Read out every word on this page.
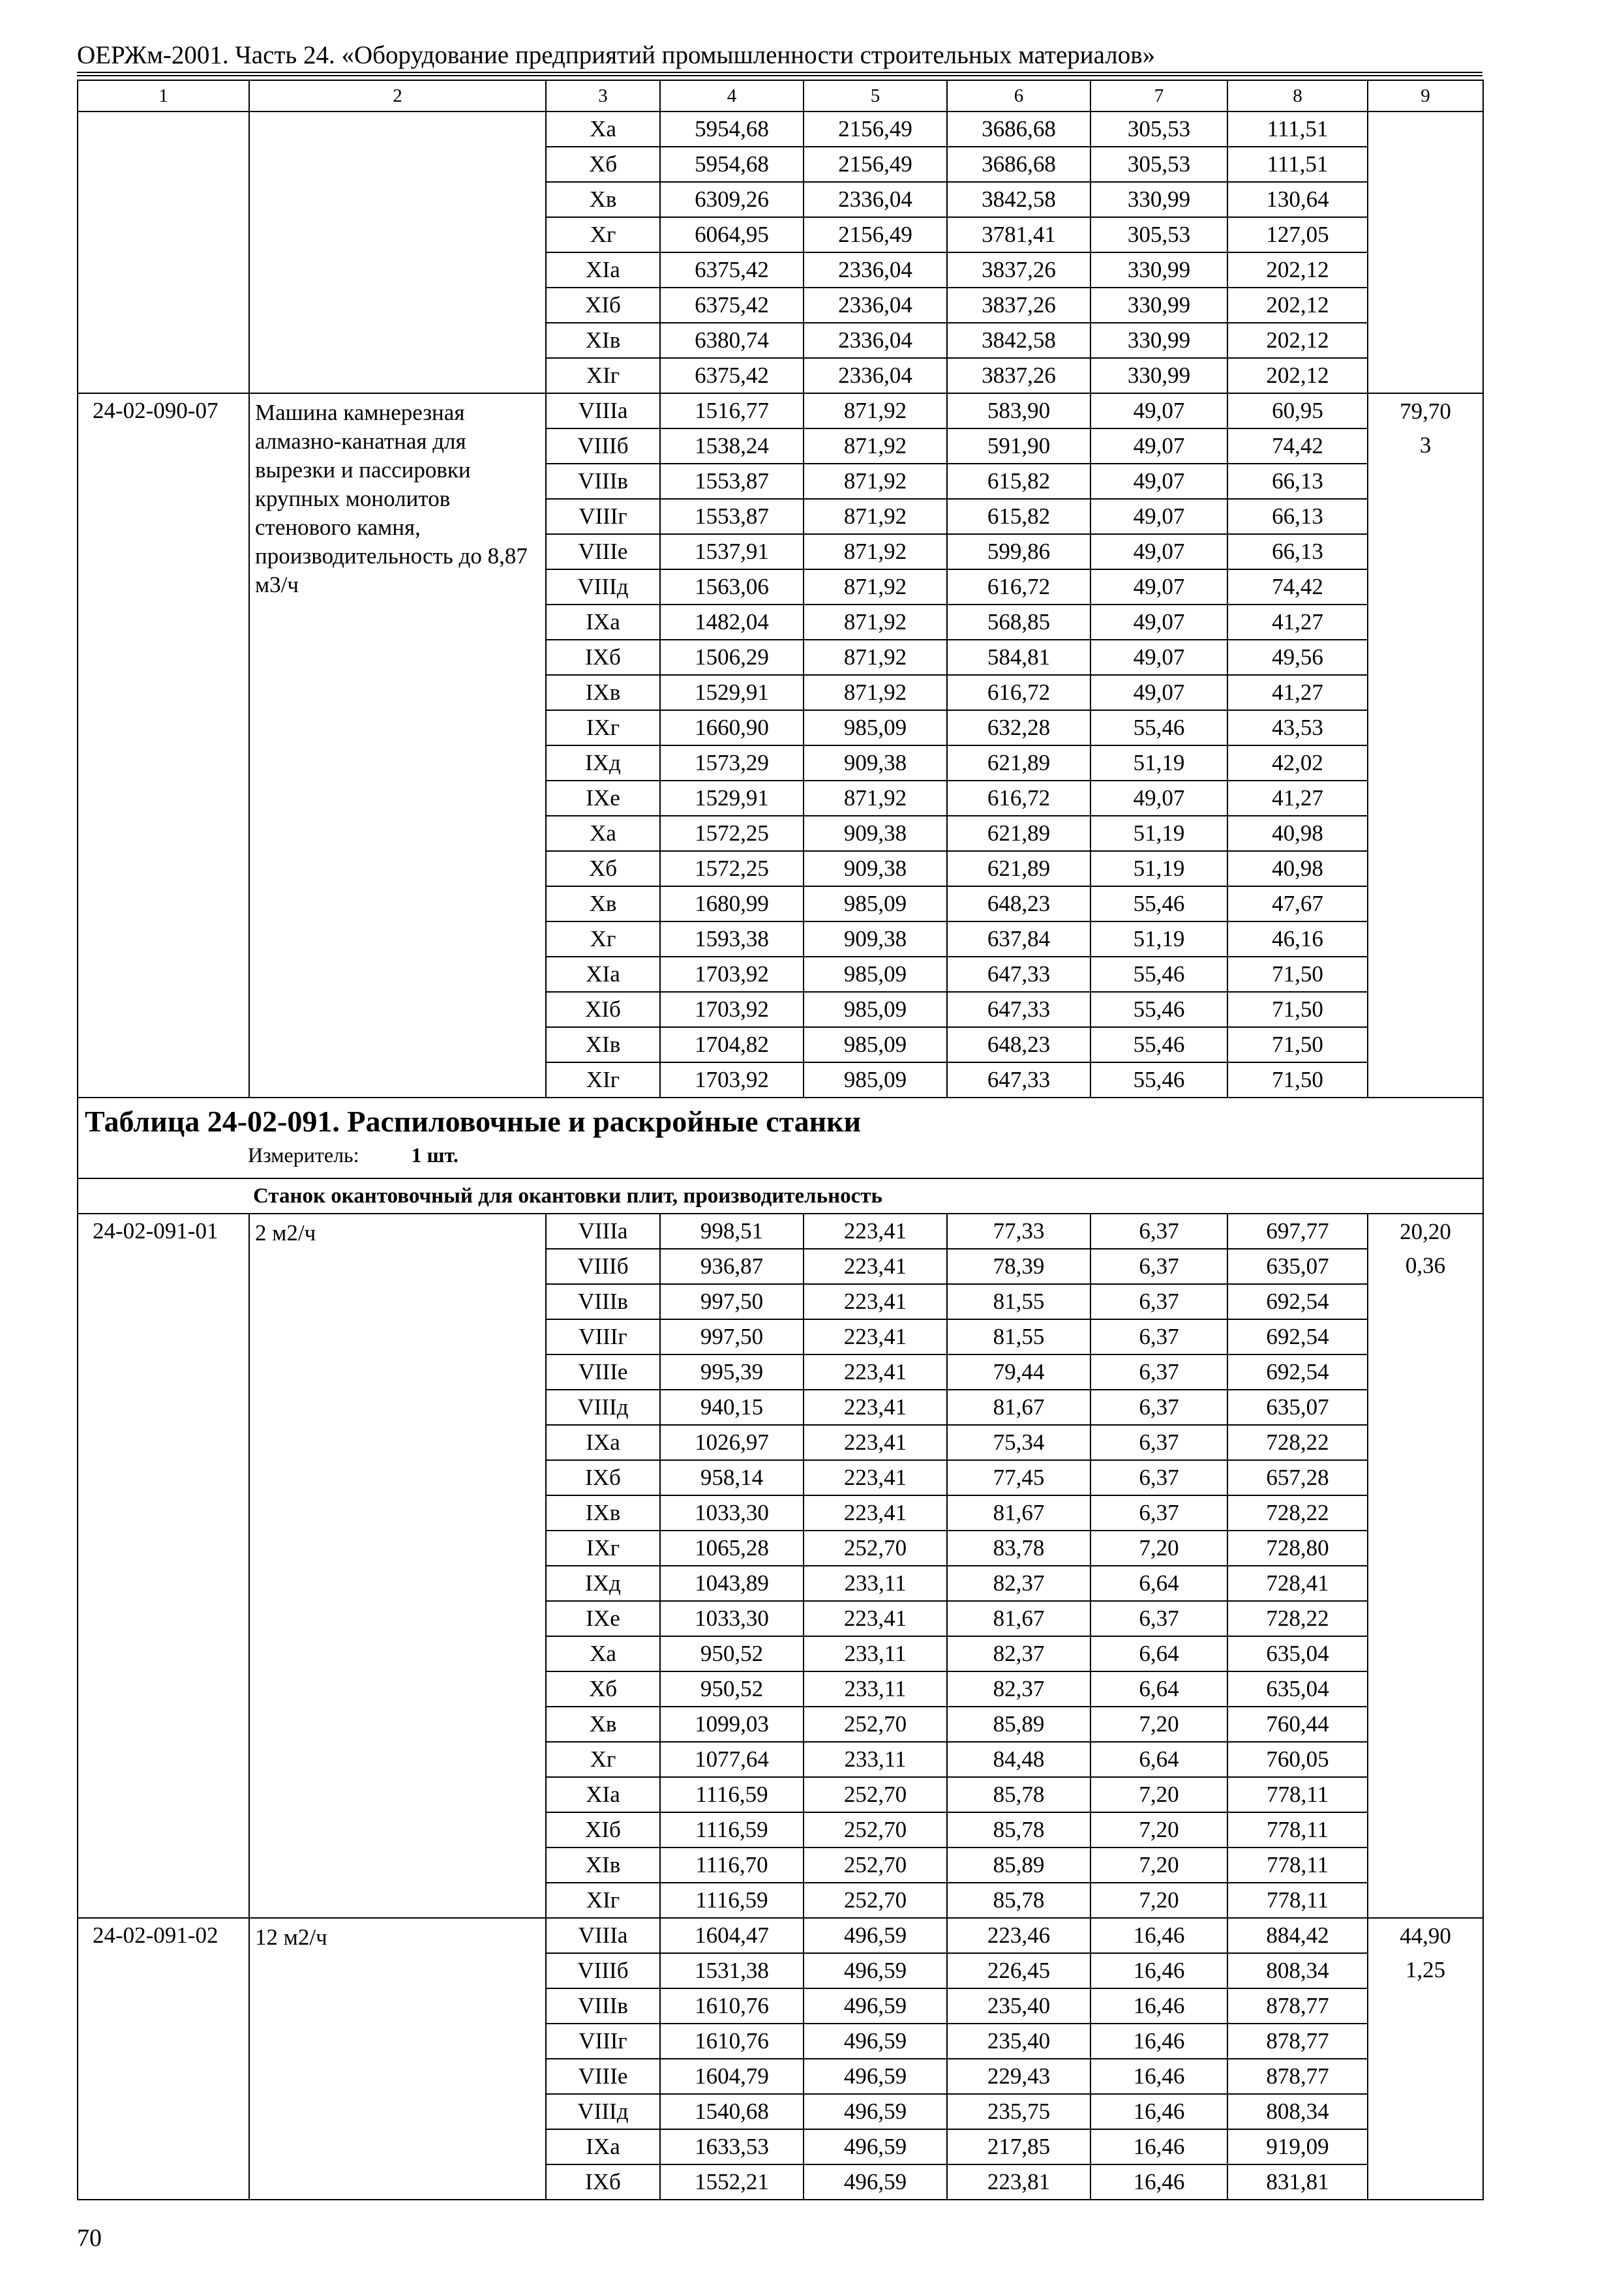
ОЕРЖм-2001. Часть 24. «Оборудование предприятий промышленности строительных материалов»
1	2	3	4	5	6	7	8	9
		Xa	5954,68	2156,49	3686,68	305,53	111,51	
		Xб	5954,68	2156,49	3686,68	305,53	111,51	
		Xв	6309,26	2336,04	3842,58	330,99	130,64	
		Xг	6064,95	2156,49	3781,41	305,53	127,05	
		XIa	6375,42	2336,04	3837,26	330,99	202,12	
		XIб	6375,42	2336,04	3837,26	330,99	202,12	
		XIв	6380,74	2336,04	3842,58	330,99	202,12	
		XIг	6375,42	2336,04	3837,26	330,99	202,12	
24-02-090-07	Машина камнерезная алмазно-канатная для вырезки и пассировки крупных монолитов стенового камня, производительность до 8,87 м3/ч	VIIIa	1516,77	871,92	583,90	49,07	60,95	79,70
		VIIIб	1538,24	871,92	591,90	49,07	74,42	3
		VIIIв	1553,87	871,92	615,82	49,07	66,13	
		VIIIг	1553,87	871,92	615,82	49,07	66,13	
		VIIIе	1537,91	871,92	599,86	49,07	66,13	
		VIIIд	1563,06	871,92	616,72	49,07	74,42	
		IXa	1482,04	871,92	568,85	49,07	41,27	
		IXб	1506,29	871,92	584,81	49,07	49,56	
		IXв	1529,91	871,92	616,72	49,07	41,27	
		IXг	1660,90	985,09	632,28	55,46	43,53	
		IXд	1573,29	909,38	621,89	51,19	42,02	
		IXе	1529,91	871,92	616,72	49,07	41,27	
		Xa	1572,25	909,38	621,89	51,19	40,98	
		Xб	1572,25	909,38	621,89	51,19	40,98	
		Xв	1680,99	985,09	648,23	55,46	47,67	
		Xг	1593,38	909,38	637,84	51,19	46,16	
		XIa	1703,92	985,09	647,33	55,46	71,50	
		XIб	1703,92	985,09	647,33	55,46	71,50	
		XIв	1704,82	985,09	648,23	55,46	71,50	
		XIг	1703,92	985,09	647,33	55,46	71,50	

Таблица 24-02-091. Распиловочные и раскройные станки
Измеритель: 1 шт.								

Станок окантовочный для окантовки плит, производительность								
24-02-091-01	2 м2/ч	VIIIa	998,51	223,41	77,33	6,37	697,77	20,20
		VIIIб	936,87	223,41	78,39	6,37	635,07	0,36
		VIIIв	997,50	223,41	81,55	6,37	692,54	
		VIIIг	997,50	223,41	81,55	6,37	692,54	
		VIIIе	995,39	223,41	79,44	6,37	692,54	
		VIIIд	940,15	223,41	81,67	6,37	635,07	
		IXa	1026,97	223,41	75,34	6,37	728,22	
		IXб	958,14	223,41	77,45	6,37	657,28	
		IXв	1033,30	223,41	81,67	6,37	728,22	
		IXг	1065,28	252,70	83,78	7,20	728,80	
		IXд	1043,89	233,11	82,37	6,64	728,41	
		IXе	1033,30	223,41	81,67	6,37	728,22	
		Xa	950,52	233,11	82,37	6,64	635,04	
		Xб	950,52	233,11	82,37	6,64	635,04	
		Xв	1099,03	252,70	85,89	7,20	760,44	
		Xг	1077,64	233,11	84,48	6,64	760,05	
		XIa	1116,59	252,70	85,78	7,20	778,11	
		XIб	1116,59	252,70	85,78	7,20	778,11	
		XIв	1116,70	252,70	85,89	7,20	778,11	
		XIг	1116,59	252,70	85,78	7,20	778,11	
24-02-091-02	12 м2/ч	VIIIa	1604,47	496,59	223,46	16,46	884,42	44,90
		VIIIб	1531,38	496,59	226,45	16,46	808,34	1,25
		VIIIв	1610,76	496,59	235,40	16,46	878,77	
		VIIIг	1610,76	496,59	235,40	16,46	878,77	
		VIIIе	1604,79	496,59	229,43	16,46	878,77	
		VIIIд	1540,68	496,59	235,75	16,46	808,34	
		IXa	1633,53	496,59	217,85	16,46	919,09	
		IXб	1552,21	496,59	223,81	16,46	831,81	
70
